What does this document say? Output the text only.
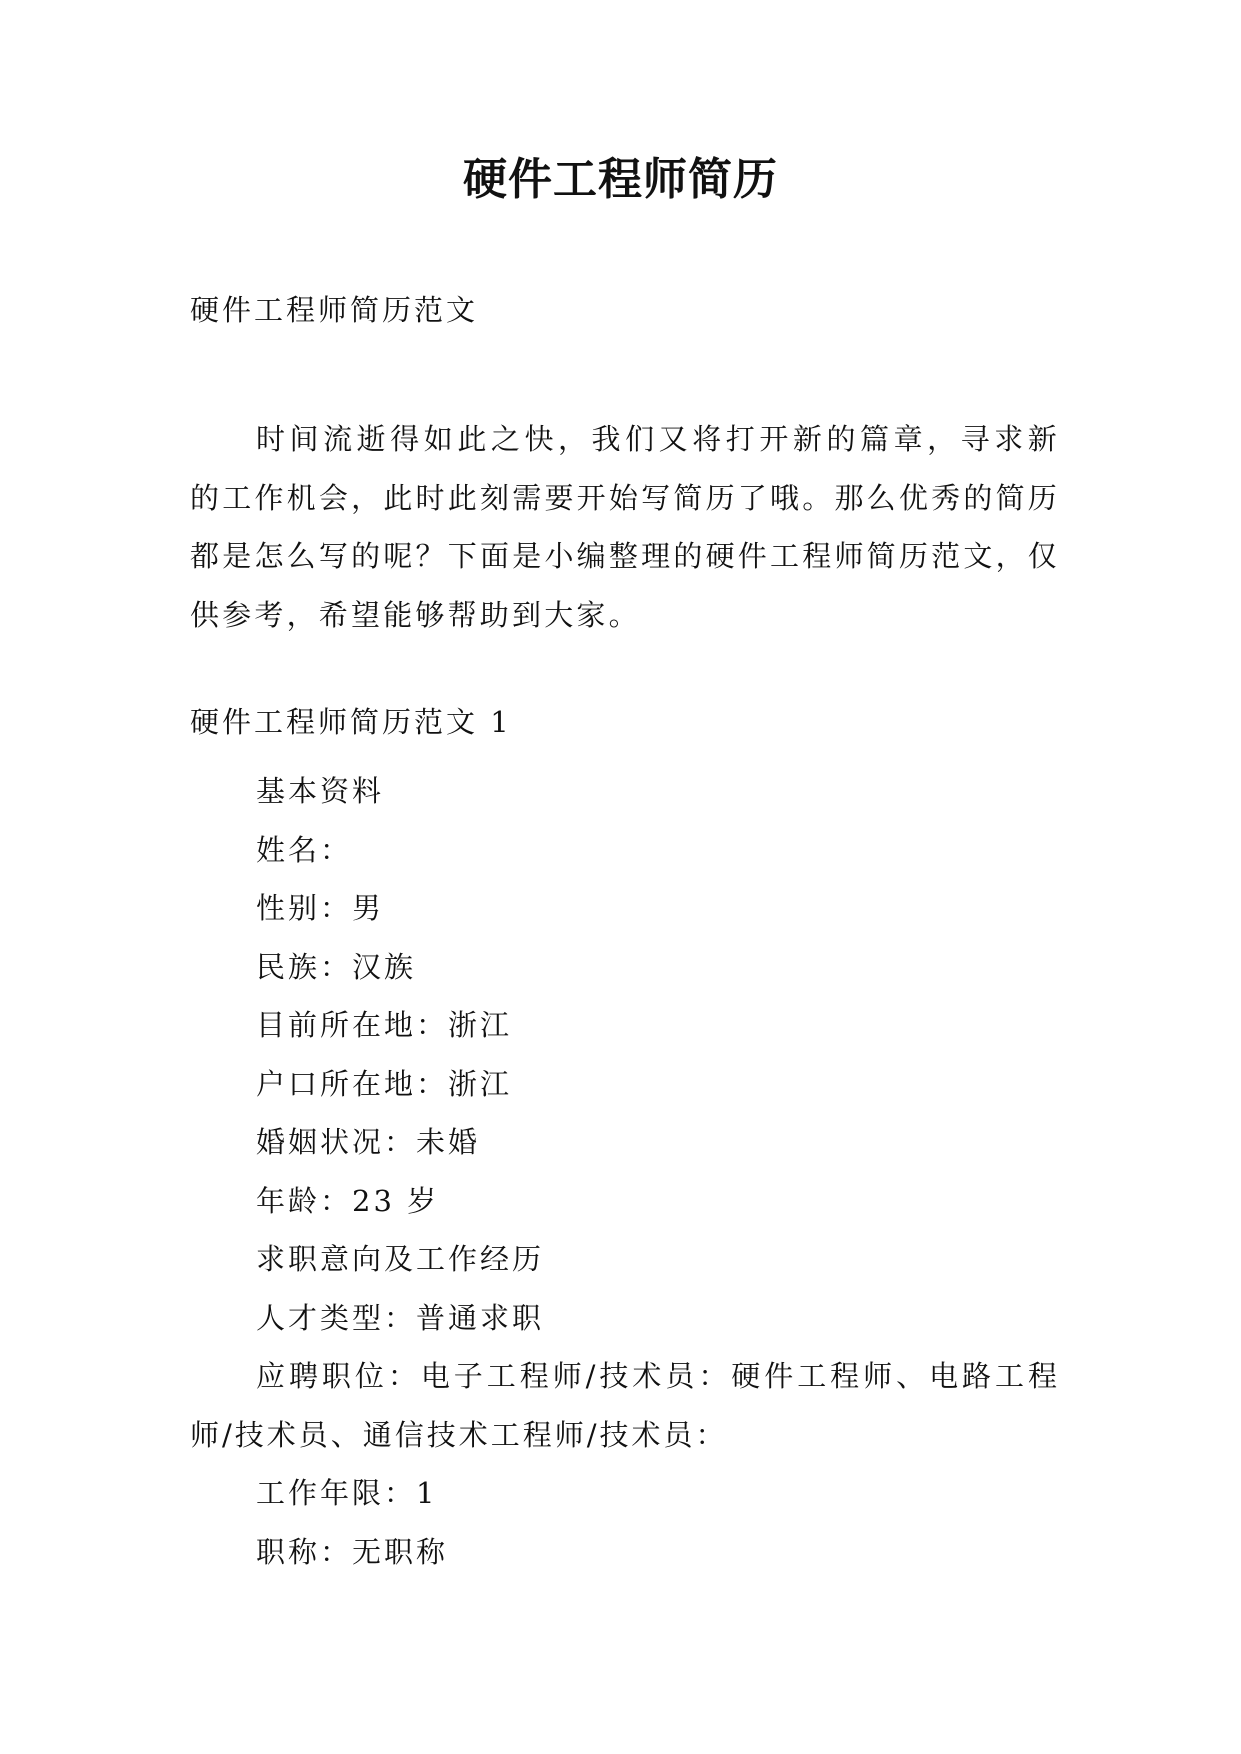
硬件工程师简历
硬件工程师简历范文

时间流逝得如此之快，我们又将打开新的篇章，寻求新的工作机会，此时此刻需要开始写简历了哦。那么优秀的简历都是怎么写的呢？下面是小编整理的硬件工程师简历范文，仅供参考，希望能够帮助到大家。

硬件工程师简历范文 1
基本资料
姓名：
性别：男
民族：汉族
目前所在地：浙江
户口所在地：浙江
婚姻状况：未婚
年龄：23 岁
求职意向及工作经历
人才类型：普通求职
应聘职位：电子工程师/技术员：硬件工程师、电路工程师/技术员、通信技术工程师/技术员：
工作年限：1
职称：无职称
